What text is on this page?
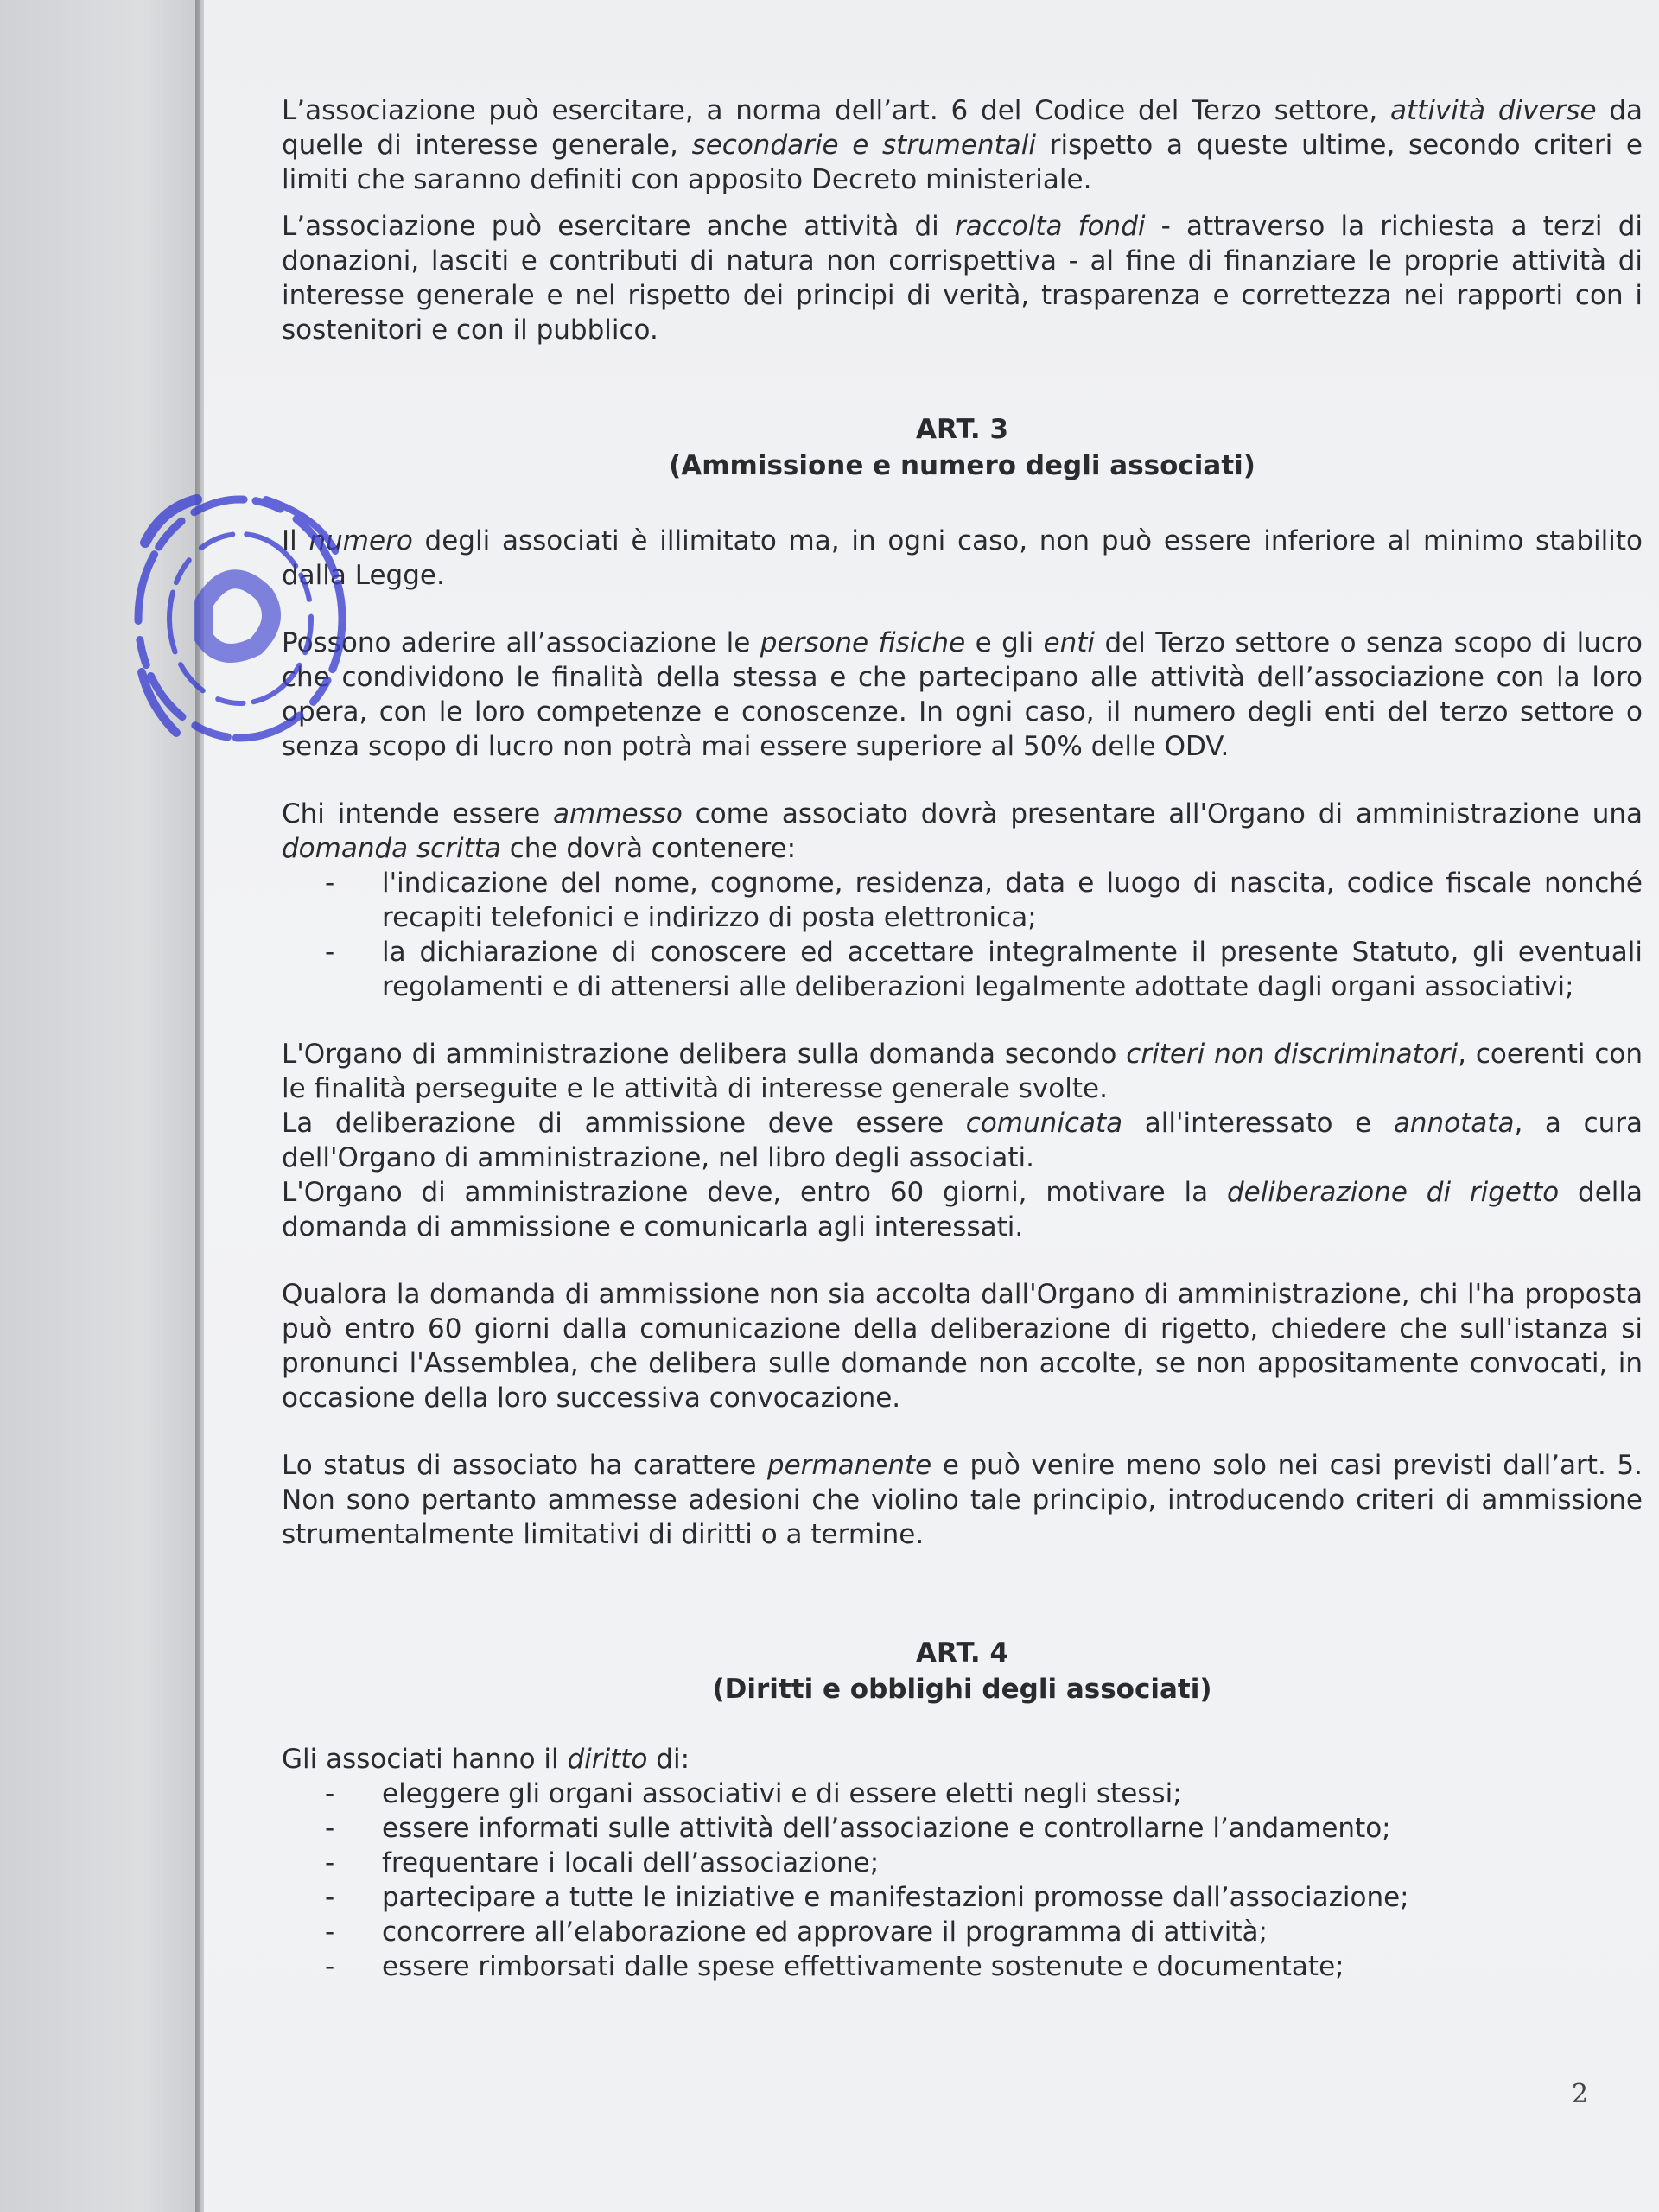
L’associazione può esercitare, a norma dell’art. 6 del Codice del Terzo settore, attività diverse da quelle di interesse generale, secondarie e strumentali rispetto a queste ultime, secondo criteri e limiti che saranno definiti con apposito Decreto ministeriale.

L’associazione può esercitare anche attività di raccolta fondi - attraverso la richiesta a terzi di donazioni, lasciti e contributi di natura non corrispettiva - al fine di finanziare le proprie attività di interesse generale e nel rispetto dei principi di verità, trasparenza e correttezza nei rapporti con i sostenitori e con il pubblico.

ART. 3
(Ammissione e numero degli associati)

Il numero degli associati è illimitato ma, in ogni caso, non può essere inferiore al minimo stabilito dalla Legge.

Possono aderire all’associazione le persone fisiche e gli enti del Terzo settore o senza scopo di lucro che condividono le finalità della stessa e che partecipano alle attività dell’associazione con la loro opera, con le loro competenze e conoscenze. In ogni caso, il numero degli enti del terzo settore o senza scopo di lucro non potrà mai essere superiore al 50% delle ODV.

Chi intende essere ammesso come associato dovrà presentare all'Organo di amministrazione una domanda scritta che dovrà contenere:

- l'indicazione del nome, cognome, residenza, data e luogo di nascita, codice fiscale nonché recapiti telefonici e indirizzo di posta elettronica;
- la dichiarazione di conoscere ed accettare integralmente il presente Statuto, gli eventuali regolamenti e di attenersi alle deliberazioni legalmente adottate dagli organi associativi;

L'Organo di amministrazione delibera sulla domanda secondo criteri non discriminatori, coerenti con le finalità perseguite e le attività di interesse generale svolte.

La deliberazione di ammissione deve essere comunicata all'interessato e annotata, a cura dell'Organo di amministrazione, nel libro degli associati.

L'Organo di amministrazione deve, entro 60 giorni, motivare la deliberazione di rigetto della domanda di ammissione e comunicarla agli interessati.

Qualora la domanda di ammissione non sia accolta dall'Organo di amministrazione, chi l'ha proposta può entro 60 giorni dalla comunicazione della deliberazione di rigetto, chiedere che sull'istanza si pronunci l'Assemblea, che delibera sulle domande non accolte, se non appositamente convocati, in occasione della loro successiva convocazione.

Lo status di associato ha carattere permanente e può venire meno solo nei casi previsti dall’art. 5. Non sono pertanto ammesse adesioni che violino tale principio, introducendo criteri di ammissione strumentalmente limitativi di diritti o a termine.

ART. 4
(Diritti e obblighi degli associati)

Gli associati hanno il diritto di:

- eleggere gli organi associativi e di essere eletti negli stessi;
- essere informati sulle attività dell’associazione e controllarne l’andamento;
- frequentare i locali dell’associazione;
- partecipare a tutte le iniziative e manifestazioni promosse dall’associazione;
- concorrere all’elaborazione ed approvare il programma di attività;
- essere rimborsati dalle spese effettivamente sostenute e documentate;
2
